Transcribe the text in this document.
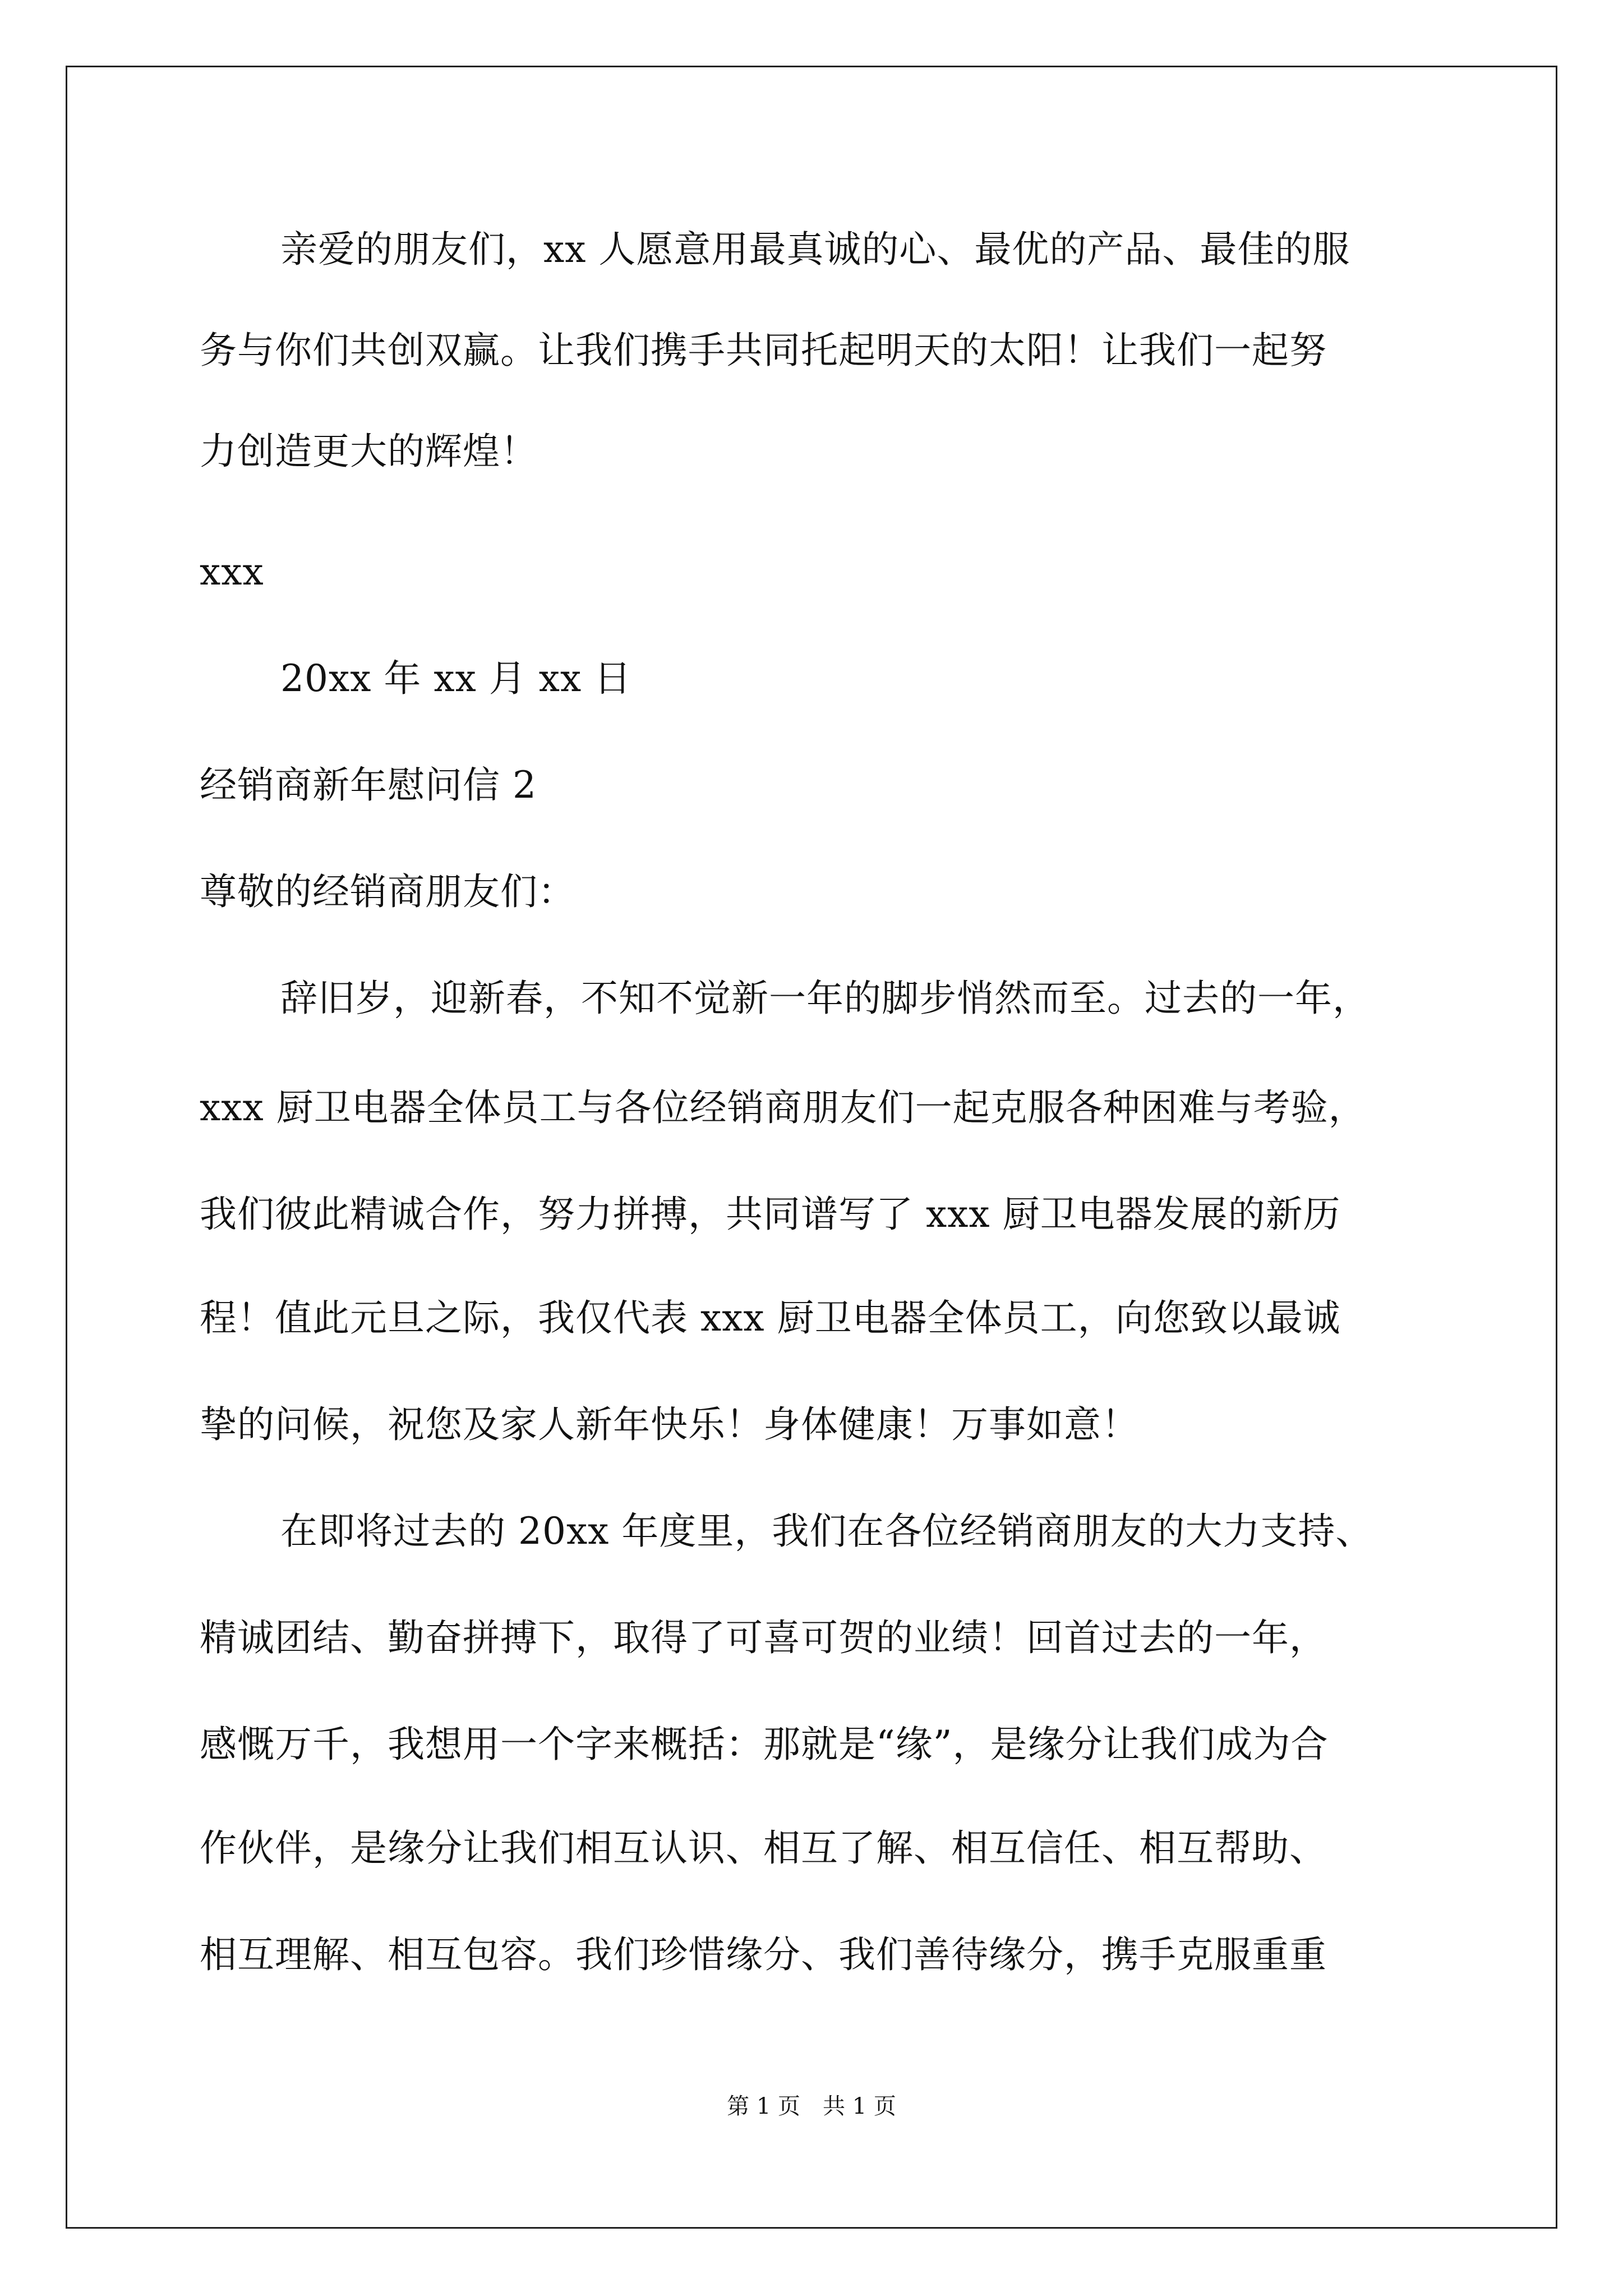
亲爱的朋友们，xx 人愿意用最真诚的心、最优的产品、最佳的服
务与你们共创双赢。让我们携手共同托起明天的太阳！让我们一起努
力创造更大的辉煌！
xxx
20xx 年 xx 月 xx 日
经销商新年慰问信 2
尊敬的经销商朋友们：
辞旧岁，迎新春，不知不觉新一年的脚步悄然而至。过去的一年，
xxx 厨卫电器全体员工与各位经销商朋友们一起克服各种困难与考验，
我们彼此精诚合作，努力拼搏，共同谱写了 xxx 厨卫电器发展的新历
程！值此元旦之际，我仅代表 xxx 厨卫电器全体员工，向您致以最诚
挚的问候，祝您及家人新年快乐！身体健康！万事如意！
在即将过去的 20xx 年度里，我们在各位经销商朋友的大力支持、
精诚团结、勤奋拼搏下，取得了可喜可贺的业绩！回首过去的一年，
感慨万千，我想用一个字来概括：那就是“缘”，是缘分让我们成为合
作伙伴，是缘分让我们相互认识、相互了解、相互信任、相互帮助、
相互理解、相互包容。我们珍惜缘分、我们善待缘分，携手克服重重
第 1 页　共 1 页
